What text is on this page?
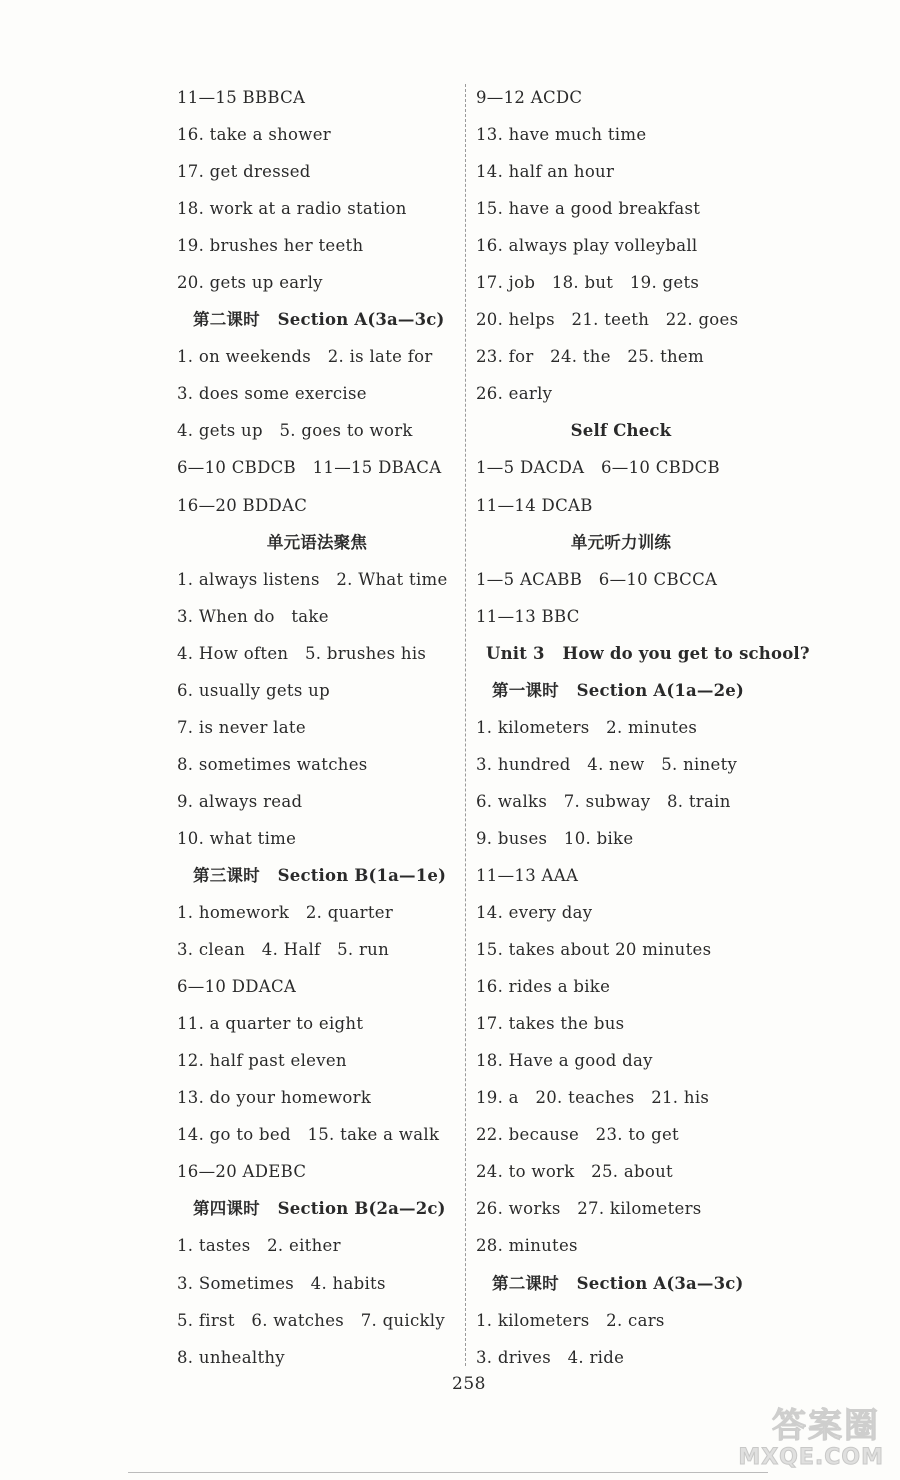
11—15 BBBCA
16. take a shower
17. get dressed
18. work at a radio station
19. brushes her teeth
20. gets up early
第二课时   Section A(3a—3c)
1. on weekends   2. is late for
3. does some exercise
4. gets up   5. goes to work
6—10 CBDCB   11—15 DBACA
16—20 BDDAC
单元语法聚焦
1. always listens   2. What time
3. When do   take
4. How often   5. brushes his
6. usually gets up
7. is never late
8. sometimes watches
9. always read
10. what time
第三课时   Section B(1a—1e)
1. homework   2. quarter
3. clean   4. Half   5. run
6—10 DDACA
11. a quarter to eight
12. half past eleven
13. do your homework
14. go to bed   15. take a walk
16—20 ADEBC
第四课时   Section B(2a—2c)
1. tastes   2. either
3. Sometimes   4. habits
5. first   6. watches   7. quickly
8. unhealthy
9—12 ACDC
13. have much time
14. half an hour
15. have a good breakfast
16. always play volleyball
17. job   18. but   19. gets
20. helps   21. teeth   22. goes
23. for   24. the   25. them
26. early
Self Check
1—5 DACDA   6—10 CBDCB
11—14 DCAB
单元听力训练
1—5 ACABB   6—10 CBCCA
11—13 BBC
Unit 3   How do you get to school?
第一课时   Section A(1a—2e)
1. kilometers   2. minutes
3. hundred   4. new   5. ninety
6. walks   7. subway   8. train
9. buses   10. bike
11—13 AAA
14. every day
15. takes about 20 minutes
16. rides a bike
17. takes the bus
18. Have a good day
19. a   20. teaches   21. his
22. because   23. to get
24. to work   25. about
26. works   27. kilometers
28. minutes
第二课时   Section A(3a—3c)
1. kilometers   2. cars
3. drives   4. ride
258
答案圈
MXQE.COM
